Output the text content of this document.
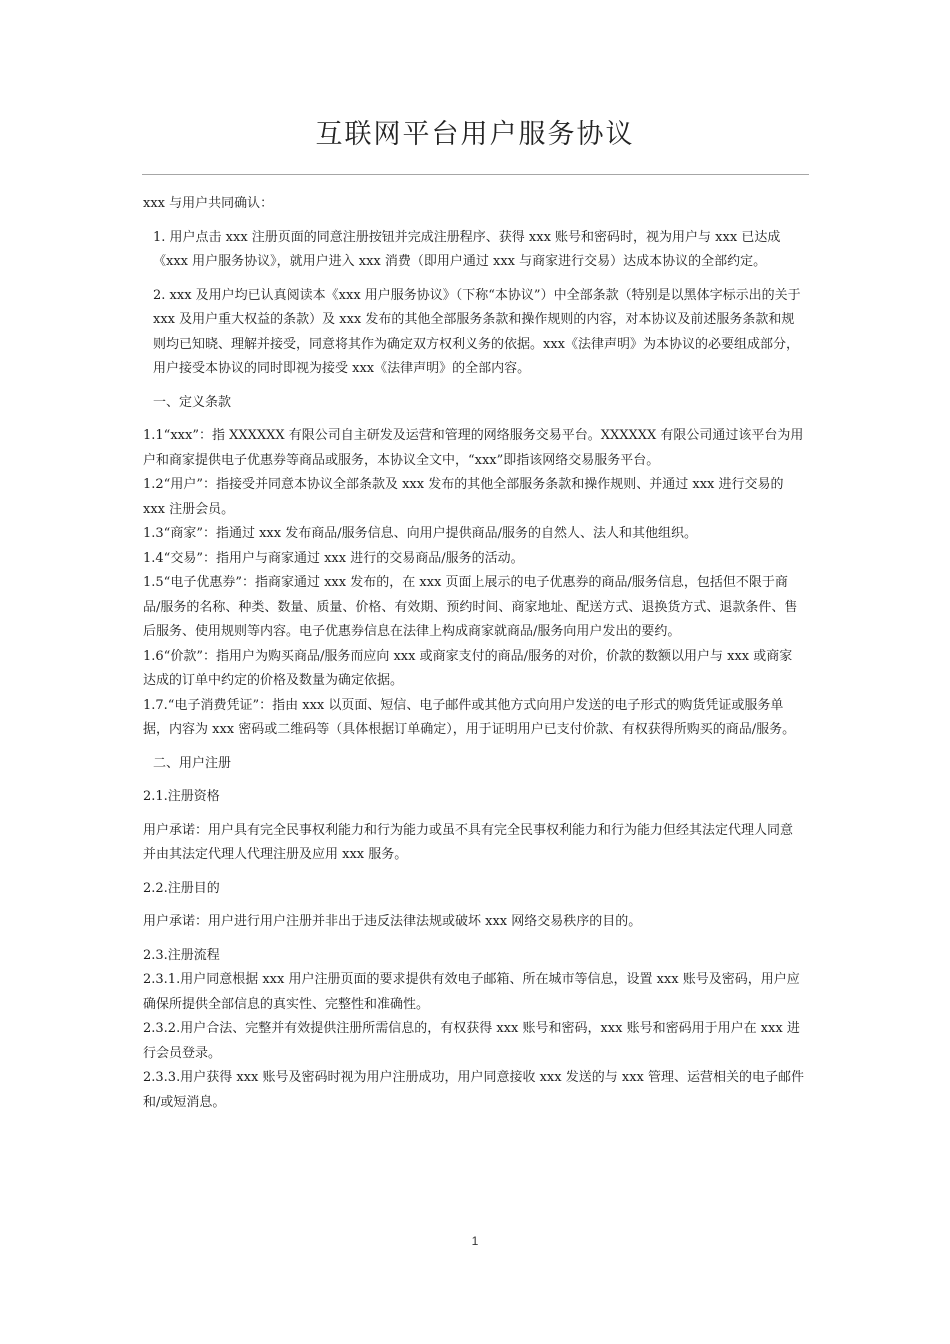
互联网平台用户服务协议

xxx 与用户共同确认：

1. 用户点击 xxx 注册页面的同意注册按钮并完成注册程序、获得 xxx 账号和密码时，视为用户与 xxx 已达成《xxx 用户服务协议》，就用户进入 xxx 消费（即用户通过 xxx 与商家进行交易）达成本协议的全部约定。

2. xxx 及用户均已认真阅读本《xxx 用户服务协议》（下称“本协议”）中全部条款（特别是以黑体字标示出的关于 xxx 及用户重大权益的条款）及 xxx 发布的其他全部服务条款和操作规则的内容，对本协议及前述服务条款和规则均已知晓、理解并接受，同意将其作为确定双方权利义务的依据。xxx《法律声明》为本协议的必要组成部分，用户接受本协议的同时即视为接受 xxx《法律声明》的全部内容。

一、定义条款

1.1“xxx”：指 XXXXXX 有限公司自主研发及运营和管理的网络服务交易平台。XXXXXX 有限公司通过该平台为用户和商家提供电子优惠券等商品或服务，本协议全文中，“xxx”即指该网络交易服务平台。

1.2“用户”：指接受并同意本协议全部条款及 xxx 发布的其他全部服务条款和操作规则、并通过 xxx 进行交易的 xxx 注册会员。

1.3“商家”：指通过 xxx 发布商品/服务信息、向用户提供商品/服务的自然人、法人和其他组织。

1.4“交易”：指用户与商家通过 xxx 进行的交易商品/服务的活动。

1.5“电子优惠券”：指商家通过 xxx 发布的，在 xxx 页面上展示的电子优惠券的商品/服务信息，包括但不限于商品/服务的名称、种类、数量、质量、价格、有效期、预约时间、商家地址、配送方式、退换货方式、退款条件、售后服务、使用规则等内容。电子优惠券信息在法律上构成商家就商品/服务向用户发出的要约。

1.6“价款”：指用户为购买商品/服务而应向 xxx 或商家支付的商品/服务的对价，价款的数额以用户与 xxx 或商家达成的订单中约定的价格及数量为确定依据。

1.7.“电子消费凭证”：指由 xxx 以页面、短信、电子邮件或其他方式向用户发送的电子形式的购货凭证或服务单据，内容为 xxx 密码或二维码等（具体根据订单确定），用于证明用户已支付价款、有权获得所购买的商品/服务。

二、用户注册

2.1.注册资格

用户承诺：用户具有完全民事权利能力和行为能力或虽不具有完全民事权利能力和行为能力但经其法定代理人同意并由其法定代理人代理注册及应用 xxx 服务。

2.2.注册目的

用户承诺：用户进行用户注册并非出于违反法律法规或破坏 xxx 网络交易秩序的目的。

2.3.注册流程

2.3.1.用户同意根据 xxx 用户注册页面的要求提供有效电子邮箱、所在城市等信息，设置 xxx 账号及密码，用户应确保所提供全部信息的真实性、完整性和准确性。

2.3.2.用户合法、完整并有效提供注册所需信息的，有权获得 xxx 账号和密码，xxx 账号和密码用于用户在 xxx 进行会员登录。

2.3.3.用户获得 xxx 账号及密码时视为用户注册成功，用户同意接收 xxx 发送的与 xxx 管理、运营相关的电子邮件和/或短消息。

1
